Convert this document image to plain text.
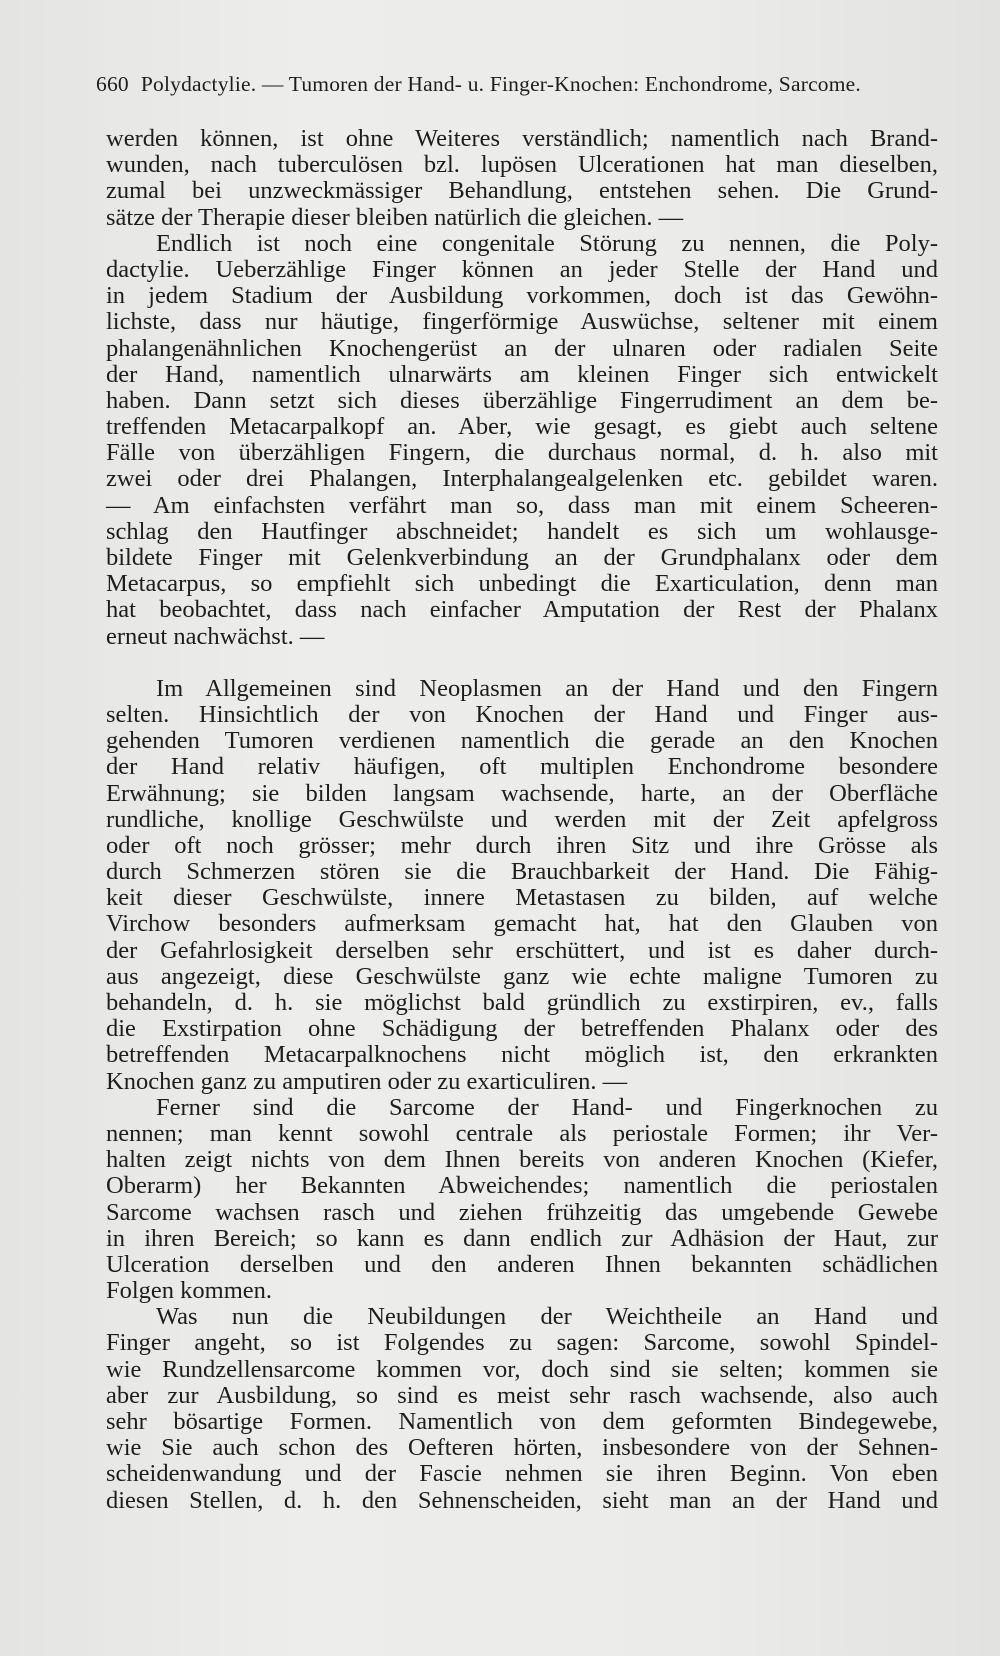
660 Polydactylie. — Tumoren der Hand- u. Finger-Knochen: Enchondrome, Sarcome.
werden können, ist ohne Weiteres verständlich; namentlich nach Brand-
wunden, nach tuberculösen bzl. lupösen Ulcerationen hat man dieselben,
zumal bei unzweckmässiger Behandlung, entstehen sehen. Die Grund-
sätze der Therapie dieser bleiben natürlich die gleichen. —
Endlich ist noch eine congenitale Störung zu nennen, die Poly-
dactylie. Ueberzählige Finger können an jeder Stelle der Hand und
in jedem Stadium der Ausbildung vorkommen, doch ist das Gewöhn-
lichste, dass nur häutige, fingerförmige Auswüchse, seltener mit einem
phalangenähnlichen Knochengerüst an der ulnaren oder radialen Seite
der Hand, namentlich ulnarwärts am kleinen Finger sich entwickelt
haben. Dann setzt sich dieses überzählige Fingerrudiment an dem be-
treffenden Metacarpalkopf an. Aber, wie gesagt, es giebt auch seltene
Fälle von überzähligen Fingern, die durchaus normal, d. h. also mit
zwei oder drei Phalangen, Interphalangealgelenken etc. gebildet waren.
— Am einfachsten verfährt man so, dass man mit einem Scheeren-
schlag den Hautfinger abschneidet; handelt es sich um wohlausge-
bildete Finger mit Gelenkverbindung an der Grundphalanx oder dem
Metacarpus, so empfiehlt sich unbedingt die Exarticulation, denn man
hat beobachtet, dass nach einfacher Amputation der Rest der Phalanx
erneut nachwächst. —
Im Allgemeinen sind Neoplasmen an der Hand und den Fingern
selten. Hinsichtlich der von Knochen der Hand und Finger aus-
gehenden Tumoren verdienen namentlich die gerade an den Knochen
der Hand relativ häufigen, oft multiplen Enchondrome besondere
Erwähnung; sie bilden langsam wachsende, harte, an der Oberfläche
rundliche, knollige Geschwülste und werden mit der Zeit apfelgross
oder oft noch grösser; mehr durch ihren Sitz und ihre Grösse als
durch Schmerzen stören sie die Brauchbarkeit der Hand. Die Fähig-
keit dieser Geschwülste, innere Metastasen zu bilden, auf welche
Virchow besonders aufmerksam gemacht hat, hat den Glauben von
der Gefahrlosigkeit derselben sehr erschüttert, und ist es daher durch-
aus angezeigt, diese Geschwülste ganz wie echte maligne Tumoren zu
behandeln, d. h. sie möglichst bald gründlich zu exstirpiren, ev., falls
die Exstirpation ohne Schädigung der betreffenden Phalanx oder des
betreffenden Metacarpalknochens nicht möglich ist, den erkrankten
Knochen ganz zu amputiren oder zu exarticuliren. —
Ferner sind die Sarcome der Hand- und Fingerknochen zu
nennen; man kennt sowohl centrale als periostale Formen; ihr Ver-
halten zeigt nichts von dem Ihnen bereits von anderen Knochen (Kiefer,
Oberarm) her Bekannten Abweichendes; namentlich die periostalen
Sarcome wachsen rasch und ziehen frühzeitig das umgebende Gewebe
in ihren Bereich; so kann es dann endlich zur Adhäsion der Haut, zur
Ulceration derselben und den anderen Ihnen bekannten schädlichen
Folgen kommen.
Was nun die Neubildungen der Weichtheile an Hand und
Finger angeht, so ist Folgendes zu sagen: Sarcome, sowohl Spindel-
wie Rundzellensarcome kommen vor, doch sind sie selten; kommen sie
aber zur Ausbildung, so sind es meist sehr rasch wachsende, also auch
sehr bösartige Formen. Namentlich von dem geformten Bindegewebe,
wie Sie auch schon des Oefteren hörten, insbesondere von der Sehnen-
scheidenwandung und der Fascie nehmen sie ihren Beginn. Von eben
diesen Stellen, d. h. den Sehnenscheiden, sieht man an der Hand und
